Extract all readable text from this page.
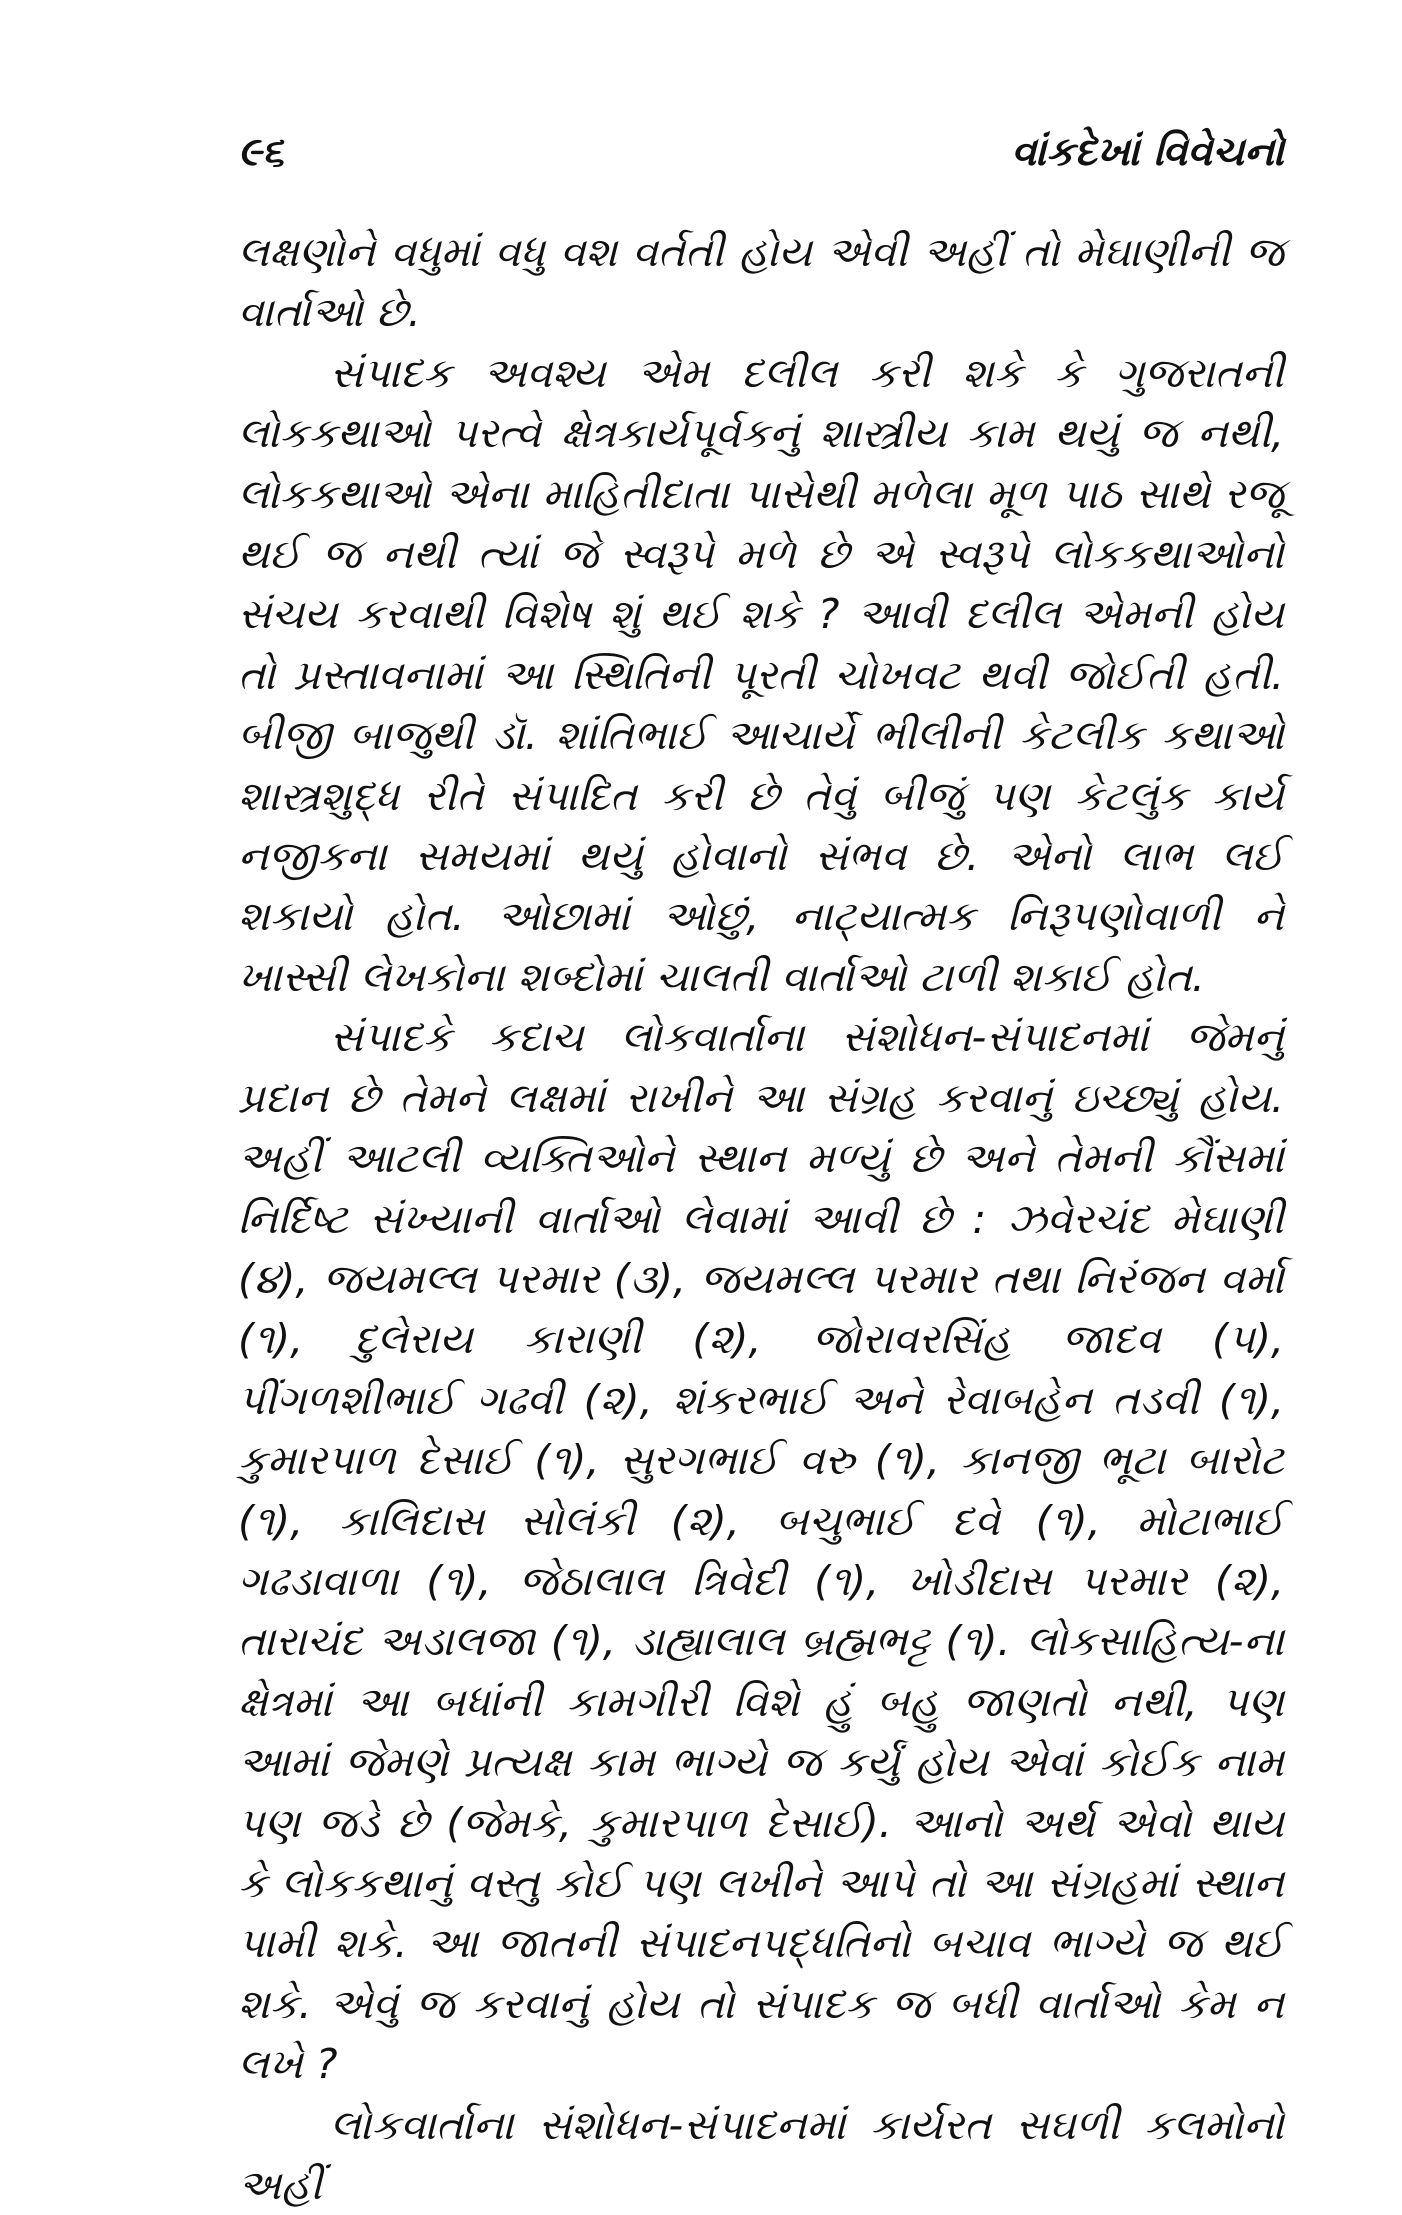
૯૬	વાંકદેખાં વિવેચનો

લક્ષણોને વધુમાં વધુ વશ વર્તતી હોય એવી અહીં તો મેઘાણીની જ વાર્તાઓ છે.

સંપાદક અવશ્ય એમ દલીલ કરી શકે કે ગુજરાતની લોકકથાઓ પરત્વે ક્ષેત્રકાર્યપૂર્વકનું શાસ્ત્રીય કામ થયું જ નથી, લોકકથાઓ એના માહિતીદાતા પાસેથી મળેલા મૂળ પાઠ સાથે રજૂ થઈ જ નથી ત્યાં જે સ્વરૂપે મળે છે એ સ્વરૂપે લોકકથાઓનો સંચય કરવાથી વિશેષ શું થઈ શકે ? આવી દલીલ એમની હોય તો પ્રસ્તાવનામાં આ સ્થિતિની પૂરતી ચોખવટ થવી જોઈતી હતી. બીજી બાજુથી ડૉ. શાંતિભાઈ આચાર્યે ભીલીની કેટલીક કથાઓ શાસ્ત્રશુદ્ધ રીતે સંપાદિત કરી છે તેવું બીજું પણ કેટલુંક કાર્ય નજીકના સમયમાં થયું હોવાનો સંભવ છે. એનો લાભ લઈ શકાયો હોત. ઓછામાં ઓછું, નાટ્યાત્મક નિરૂપણોવાળી ને ખાસ્સી લેખકોના શબ્દોમાં ચાલતી વાર્તાઓ ટાળી શકાઈ હોત.

સંપાદકે કદાચ લોકવાર્તાના સંશોધન-સંપાદનમાં જેમનું પ્રદાન છે તેમને લક્ષમાં રાખીને આ સંગ્રહ કરવાનું ઇચ્છ્યું હોય. અહીં આટલી વ્યક્તિઓને સ્થાન મળ્યું છે અને તેમની કૌંસમાં નિર્દિષ્ટ સંખ્યાની વાર્તાઓ લેવામાં આવી છે : ઝવેરચંદ મેઘાણી (૪), જયમલ્લ પરમાર (૩), જયમલ્લ પરમાર તથા નિરંજન વર્મા (૧), દુલેરાય કારાણી (૨), જોરાવરસિંહ જાદવ (૫), પીંગળશીભાઈ ગઢવી (૨), શંકરભાઈ અને રેવાબહેન તડવી (૧), કુમારપાળ દેસાઈ (૧), સુરગભાઈ વરુ (૧), કાનજી ભૂટા બારોટ (૧), કાલિદાસ સોલંકી (૨), બચુભાઈ દવે (૧), મોટાભાઈ ગઢડાવાળા (૧), જેઠાલાલ ત્રિવેદી (૧), ખોડીદાસ પરમાર (૨), તારાચંદ અડાલજા (૧), ડાહ્યાલાલ બ્રહ્મભટ્ટ (૧). લોકસાહિત્ય-ના ક્ષેત્રમાં આ બધાંની કામગીરી વિશે હું બહુ જાણતો નથી, પણ આમાં જેમણે પ્રત્યક્ષ કામ ભાગ્યે જ કર્યું હોય એવાં કોઈક નામ પણ જડે છે (જેમકે, કુમારપાળ દેસાઈ). આનો અર્થ એવો થાય કે લોકકથાનું વસ્તુ કોઈ પણ લખીને આપે તો આ સંગ્રહમાં સ્થાન પામી શકે. આ જાતની સંપાદનપદ્ધતિનો બચાવ ભાગ્યે જ થઈ શકે. એવું જ કરવાનું હોય તો સંપાદક જ બધી વાર્તાઓ કેમ ન લખે ?

લોકવાર્તાના સંશોધન-સંપાદનમાં કાર્યરત સઘળી કલમોનો અહીં
